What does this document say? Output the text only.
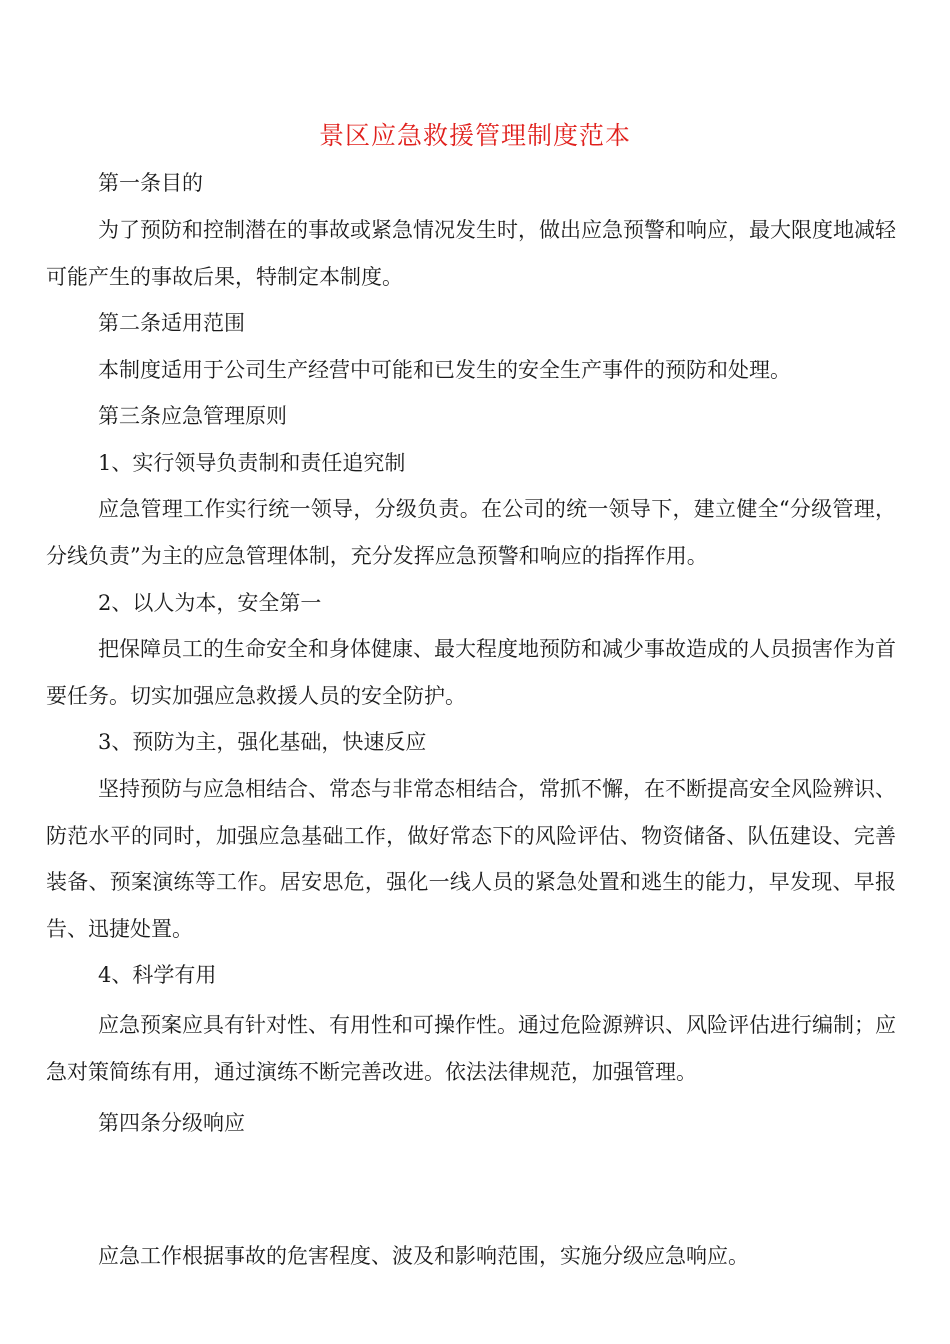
景区应急救援管理制度范本

第一条目的

为了预防和控制潜在的事故或紧急情况发生时，做出应急预警和响应，最大限度地减轻可能产生的事故后果，特制定本制度。

第二条适用范围

本制度适用于公司生产经营中可能和已发生的安全生产事件的预防和处理。

第三条应急管理原则

1、实行领导负责制和责任追究制

应急管理工作实行统一领导，分级负责。在公司的统一领导下，建立健全“分级管理，分线负责”为主的应急管理体制，充分发挥应急预警和响应的指挥作用。

2、以人为本，安全第一

把保障员工的生命安全和身体健康、最大程度地预防和减少事故造成的人员损害作为首要任务。切实加强应急救援人员的安全防护。

3、预防为主，强化基础，快速反应

坚持预防与应急相结合、常态与非常态相结合，常抓不懈，在不断提高安全风险辨识、防范水平的同时，加强应急基础工作，做好常态下的风险评估、物资储备、队伍建设、完善装备、预案演练等工作。居安思危，强化一线人员的紧急处置和逃生的能力，早发现、早报告、迅捷处置。

4、科学有用

应急预案应具有针对性、有用性和可操作性。通过危险源辨识、风险评估进行编制；应急对策简练有用，通过演练不断完善改进。依法法律规范，加强管理。

第四条分级响应

应急工作根据事故的危害程度、波及和影响范围，实施分级应急响应。
